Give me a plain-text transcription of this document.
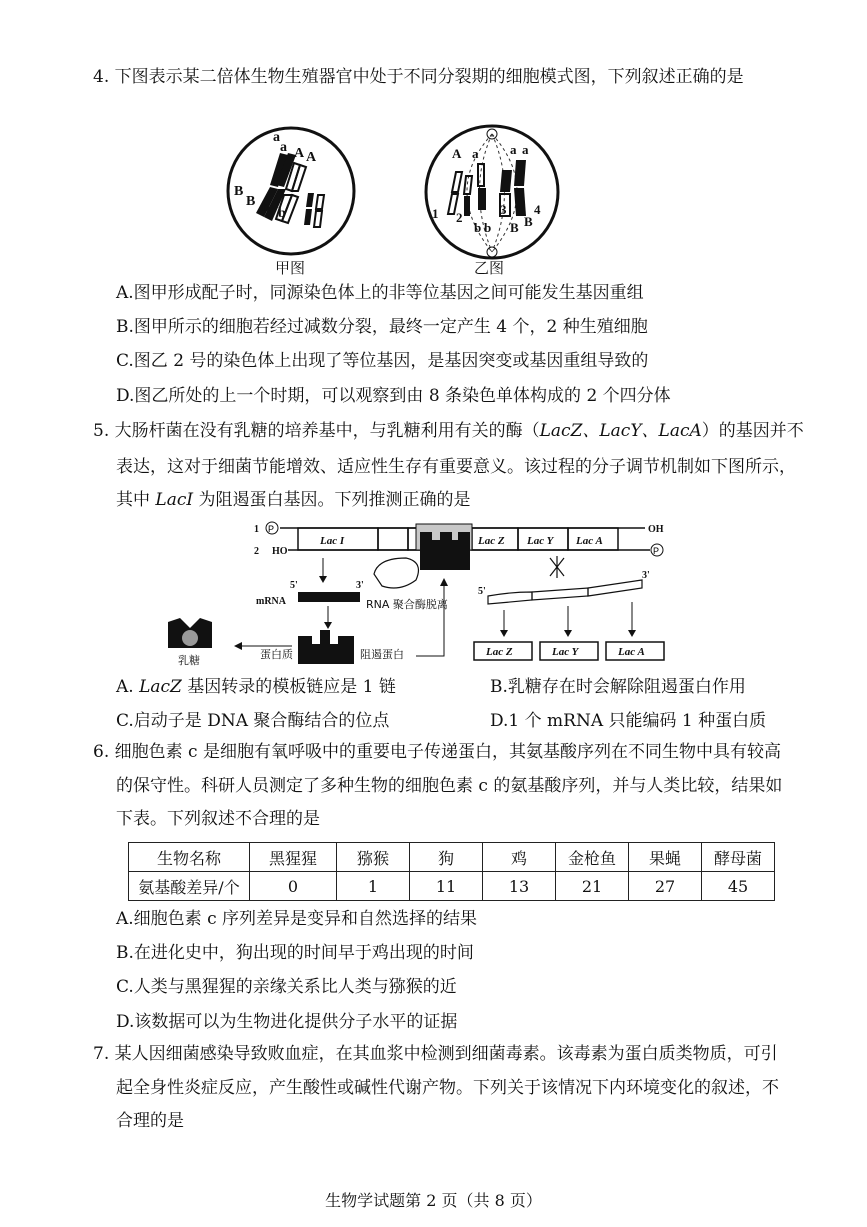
4. 下图表示某二倍体生物生殖器官中处于不同分裂期的细胞模式图，下列叙述正确的是
a
a A A
B
B b b
甲图
A a a a
1 2
3 4
b b B B
乙图
A.图甲形成配子时，同源染色体上的非等位基因之间可能发生基因重组
B.图甲所示的细胞若经过减数分裂，最终一定产生 4 个，2 种生殖细胞
C.图乙 2 号的染色体上出现了等位基因，是基因突变或基因重组导致的
D.图乙所处的上一个时期，可以观察到由 8 条染色单体构成的 2 个四分体
5. 大肠杆菌在没有乳糖的培养基中，与乳糖利用有关的酶（LacZ、LacY、LacA）的基因并不
表达，这对于细菌节能增效、适应性生存有重要意义。该过程的分子调节机制如下图所示，
其中 LacI 为阻遏蛋白基因。下列推测正确的是
1
2 HO
OH
P
P
Lac I	Lac Z Lac Y Lac A
5'	3'
mRNA	RNA 聚合酶脱离
阻遏蛋白
蛋白质
乳糖
5'
3'
Lac Z	Lac Y	Lac A
A. LacZ 基因转录的模板链应是 1 链	B.乳糖存在时会解除阻遏蛋白作用
C.启动子是 DNA 聚合酶结合的位点	D.1 个 mRNA 只能编码 1 种蛋白质
6. 细胞色素 c 是细胞有氧呼吸中的重要电子传递蛋白，其氨基酸序列在不同生物中具有较高
的保守性。科研人员测定了多种生物的细胞色素 c 的氨基酸序列，并与人类比较，结果如
下表。下列叙述不合理的是
生物名称	黑猩猩	猕猴	狗	鸡	金枪鱼	果蝇	酵母菌
氨基酸差异/个	0	1	11	13	21	27	45
A.细胞色素 c 序列差异是变异和自然选择的结果
B.在进化史中，狗出现的时间早于鸡出现的时间
C.人类与黑猩猩的亲缘关系比人类与猕猴的近
D.该数据可以为生物进化提供分子水平的证据
7. 某人因细菌感染导致败血症，在其血浆中检测到细菌毒素。该毒素为蛋白质类物质，可引
起全身性炎症反应，产生酸性或碱性代谢产物。下列关于该情况下内环境变化的叙述，不
合理的是
生物学试题第 2 页（共 8 页）
